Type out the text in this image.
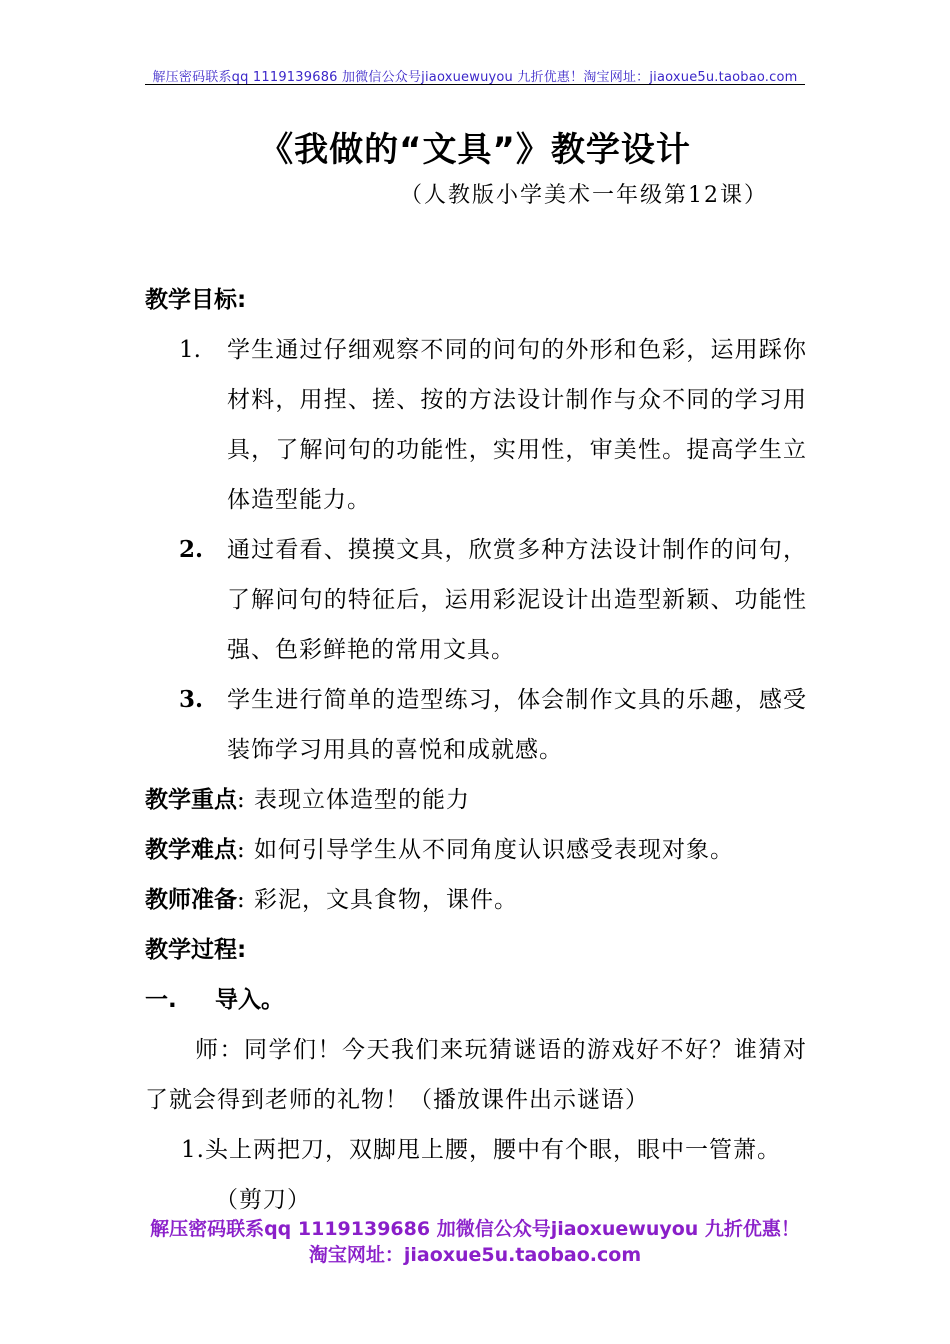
解压密码联系qq 1119139686 加微信公众号jiaoxuewuyou 九折优惠！淘宝网址：jiaoxue5u.taobao.com
《我做的“文具”》教学设计
（人教版小学美术一年级第12课）
教学目标:
1.	学生通过仔细观察不同的问句的外形和色彩，运用踩你材料，用捏、搓、按的方法设计制作与众不同的学习用具，了解问句的功能性，实用性，审美性。提高学生立体造型能力。
2.	通过看看、摸摸文具，欣赏多种方法设计制作的问句，了解问句的特征后，运用彩泥设计出造型新颖、功能性强、色彩鲜艳的常用文具。
3.	学生进行简单的造型练习，体会制作文具的乐趣，感受装饰学习用具的喜悦和成就感。
教学重点: 表现立体造型的能力
教学难点: 如何引导学生从不同角度认识感受表现对象。
教师准备: 彩泥，文具食物，课件。
教学过程:
一. 导入。
师：同学们！今天我们来玩猜谜语的游戏好不好？谁猜对了就会得到老师的礼物！（播放课件出示谜语）
1.头上两把刀，双脚甩上腰，腰中有个眼，眼中一管萧。
（剪刀）
解压密码联系qq 1119139686 加微信公众号jiaoxuewuyou 九折优惠！
淘宝网址：jiaoxue5u.taobao.com
